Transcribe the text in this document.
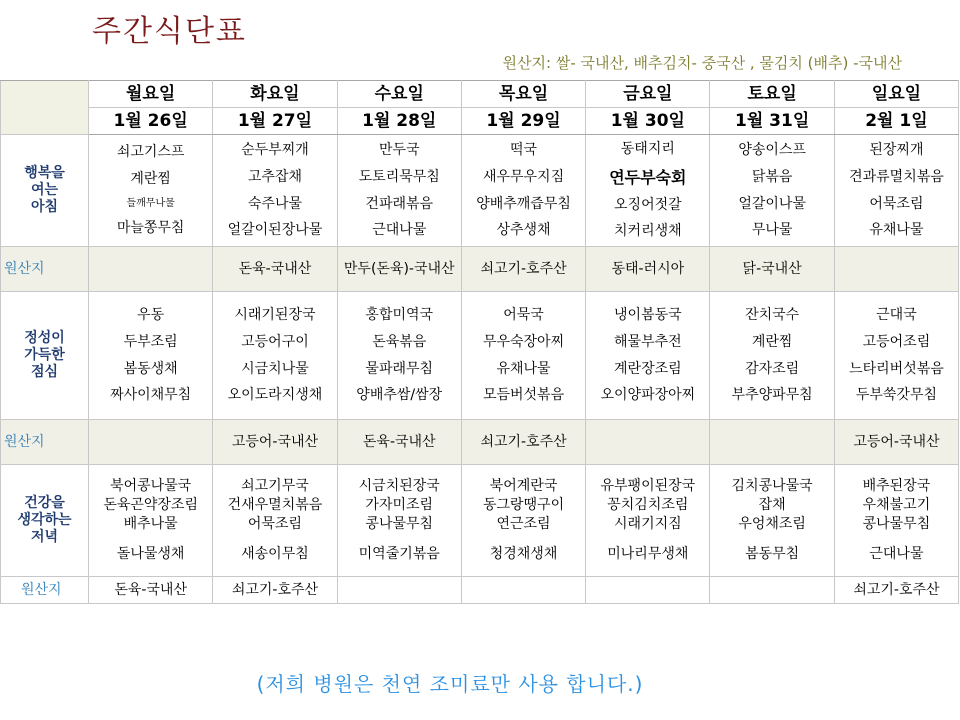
주간식단표
원산지: 쌀- 국내산, 배추김치- 중국산 , 물김치 (배추) -국내산
	월요일	화요일	수요일	목요일	금요일	토요일	일요일
	1월 26일	1월 27일	1월 28일	1월 29일	1월 30일	1월 31일	2월 1일
행복을
여는
아침	쇠고기스프
계란찜
들깨무나물
마늘쫑무침	순두부찌개
고추잡채
숙주나물
얼갈이된장나물	만두국
도토리묵무침
건파래볶음
근대나물	떡국
새우무우지짐
양배추깨즙무침
상추생채	동태지리
연두부숙회
오징어젓갈
치커리생채	양송이스프
닭볶음
얼갈이나물
무나물	된장찌개
견과류멸치볶음
어묵조림
유채나물

원산지		돈육-국내산	만두(돈육)-국내산	쇠고기-호주산	동태-러시아	닭-국내산	
정성이
가득한
점심	우동
두부조림
봄동생채
짜사이채무침	시래기된장국
고등어구이
시금치나물
오이도라지생채	홍합미역국
돈육볶음
물파래무침
양배추쌈/쌈장	어묵국
무우숙장아찌
유채나물
모듬버섯볶음	냉이봄동국
해물부추전
계란장조림
오이양파장아찌	잔치국수
계란찜
감자조림
부추양파무침	근대국
고등어조림
느타리버섯볶음
두부쑥갓무침

원산지		고등어-국내산	돈육-국내산	쇠고기-호주산			고등어-국내산
건강을
생각하는
저녁	북어콩나물국
돈육곤약장조림
배추나물
돌나물생채	쇠고기무국
건새우멸치볶음
어묵조림
새송이무침	시금치된장국
가자미조림
콩나물무침
미역줄기볶음	북어계란국
동그랑땡구이
연근조림
청경채생채	유부팽이된장국
꽁치김치조림
시래기지짐
미나리무생채	김치콩나물국
잡채
우엉채조림
봄동무침	배추된장국
우채불고기
콩나물무침
근대나물

원산지	돈육-국내산	쇠고기-호주산					쇠고기-호주산
(저희 병원은 천연 조미료만 사용 합니다.)
